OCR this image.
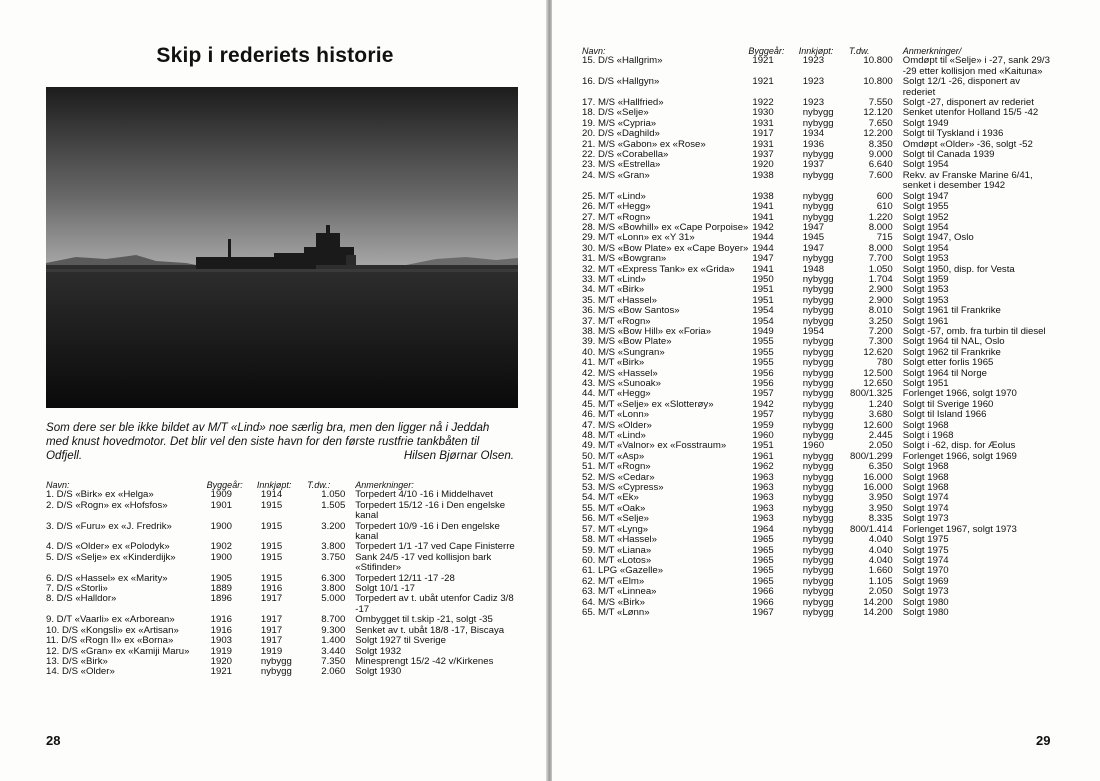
Skip i rederiets historie
Som dere ser ble ikke bildet av M/T «Lind» noe særlig bra, men den ligger nå i Jeddah med knust hovedmotor. Det blir vel den siste havn for den første rustfrie tankbåten til Odfjell.	Hilsen Bjørnar Olsen.
Navn:	Byggeår:	Innkjøpt:	T.dw.:	Anmerkninger:
1. D/S «Birk» ex «Helga»	1909	1914	1.050	Torpedert 4/10 -16 i Middelhavet
2. D/S «Rogn» ex «Hofsfos»	1901	1915	1.505	Torpedert 15/12 -16 i Den engelske kanal
3. D/S «Furu» ex «J. Fredrik»	1900	1915	3.200	Torpedert 10/9 -16 i Den engelske kanal
4. D/S «Older» ex «Polodyk»	1902	1915	3.800	Torpedert 1/1 -17 ved Cape Finisterre
5. D/S «Selje» ex «Kinderdijk»	1900	1915	3.750	Sank 24/5 -17 ved kollisjon bark «Stifinder»
6. D/S «Hassel» ex «Marity»	1905	1915	6.300	Torpedert 12/11 -17 -28
7. D/S «Storli»	1889	1916	3.800	Solgt 10/1 -17
8. D/S «Halldor»	1896	1917	5.000	Torpedert av t. ubåt utenfor Cadiz 3/8 -17
9. D/T «Vaarli» ex «Arborean»	1916	1917	8.700	Ombygget til t.skip -21, solgt -35
10. D/S «Kongsli» ex «Artisan»	1916	1917	9.300	Senket av t. ubåt 18/8 -17, Biscaya
11. D/S «Rogn II» ex «Borna»	1903	1917	1.400	Solgt 1927 til Sverige
12. D/S «Gran» ex «Kamiji Maru»	1919	1919	3.440	Solgt 1932
13. D/S «Birk»	1920	nybygg	7.350	Minesprengt 15/2 -42 v/Kirkenes
14. D/S «Older»	1921	nybygg	2.060	Solgt 1930
28	29
Navn:	Byggeår:	Innkjøpt:	T.dw.	Anmerkninger/
15. D/S «Hallgrim»	1921	1923	10.800	Omdøpt til «Selje» i -27, sank 29/3 -29 etter kollisjon med «Kaituna»
16. D/S «Hallgyn»	1921	1923	10.800	Solgt 12/1 -26, disponert av rederiet
17. M/S «Hallfried»	1922	1923	7.550	Solgt -27, disponert av rederiet
18. D/S «Selje»	1930	nybygg	12.120	Senket utenfor Holland 15/5 -42
19. M/S «Cypria»	1931	nybygg	7.650	Solgt 1949
20. D/S «Daghild»	1917	1934	12.200	Solgt til Tyskland i 1936
21. M/S «Gabon» ex «Rose»	1931	1936	8.350	Omdøpt «Older» -36, solgt -52
22. D/S «Corabella»	1937	nybygg	9.000	Solgt til Canada 1939
23. M/S «Estrella»	1920	1937	6.640	Solgt 1954
24. M/S «Gran»	1938	nybygg	7.600	Rekv. av Franske Marine 6/41, senket i desember 1942
25. M/T «Lind»	1938	nybygg	600	Solgt 1947
26. M/T «Hegg»	1941	nybygg	610	Solgt 1955
27. M/T «Rogn»	1941	nybygg	1.220	Solgt 1952
28. M/S «Bowhill» ex «Cape Porpoise»	1942	1947	8.000	Solgt 1954
29. M/T «Lonn» ex «Y 31»	1944	1945	715	Solgt 1947, Oslo
30. M/S «Bow Plate» ex «Cape Boyer»	1944	1947	8.000	Solgt 1954
31. M/S «Bowgran»	1947	nybygg	7.700	Solgt 1953
32. M/T «Express Tank» ex «Grida»	1941	1948	1.050	Solgt 1950, disp. for Vesta
33. M/T «Lind»	1950	nybygg	1.704	Solgt 1959
34. M/T «Birk»	1951	nybygg	2.900	Solgt 1953
35. M/T «Hassel»	1951	nybygg	2.900	Solgt 1953
36. M/S «Bow Santos»	1954	nybygg	8.010	Solgt 1961 til Frankrike
37. M/T «Rogn»	1954	nybygg	3.250	Solgt 1961
38. M/S «Bow Hill» ex «Foria»	1949	1954	7.200	Solgt -57, omb. fra turbin til diesel
39. M/S «Bow Plate»	1955	nybygg	7.300	Solgt 1964 til NAL, Oslo
40. M/S «Sungran»	1955	nybygg	12.620	Solgt 1962 til Frankrike
41. M/T «Birk»	1955	nybygg	780	Solgt etter forlis 1965
42. M/S «Hassel»	1956	nybygg	12.500	Solgt 1964 til Norge
43. M/S «Sunoak»	1956	nybygg	12.650	Solgt 1951
44. M/T «Hegg»	1957	nybygg	800/1.325	Forlenget 1966, solgt 1970
45. M/T «Selje» ex «Slotterøy»	1942	nybygg	1.240	Solgt til Sverige 1960
46. M/T «Lonn»	1957	nybygg	3.680	Solgt til Island 1966
47. M/S «Older»	1959	nybygg	12.600	Solgt 1968
48. M/T «Lind»	1960	nybygg	2.445	Solgt i 1968
49. M/T «Valnor» ex «Fosstraum»	1951	1960	2.050	Solgt i -62, disp. for Æolus
50. M/T «Asp»	1961	nybygg	800/1.299	Forlenget 1966, solgt 1969
51. M/T «Rogn»	1962	nybygg	6.350	Solgt 1968
52. M/S «Cedar»	1963	nybygg	16.000	Solgt 1968
53. M/S «Cypress»	1963	nybygg	16.000	Solgt 1968
54. M/T «Ek»	1963	nybygg	3.950	Solgt 1974
55. M/T «Oak»	1963	nybygg	3.950	Solgt 1974
56. M/T «Selje»	1963	nybygg	8.335	Solgt 1973
57. M/T «Lyng»	1964	nybygg	800/1.414	Forlenget 1967, solgt 1973
58. M/T «Hassel»	1965	nybygg	4.040	Solgt 1975
59. M/T «Liana»	1965	nybygg	4.040	Solgt 1975
60. M/T «Lotos»	1965	nybygg	4.040	Solgt 1974
61. LPG «Gazelle»	1965	nybygg	1.660	Solgt 1970
62. M/T «Elm»	1965	nybygg	1.105	Solgt 1969
63. M/T «Linnea»	1966	nybygg	2.050	Solgt 1973
64. M/S «Birk»	1966	nybygg	14.200	Solgt 1980
65. M/T «Lønn»	1967	nybygg	14.200	Solgt 1980
